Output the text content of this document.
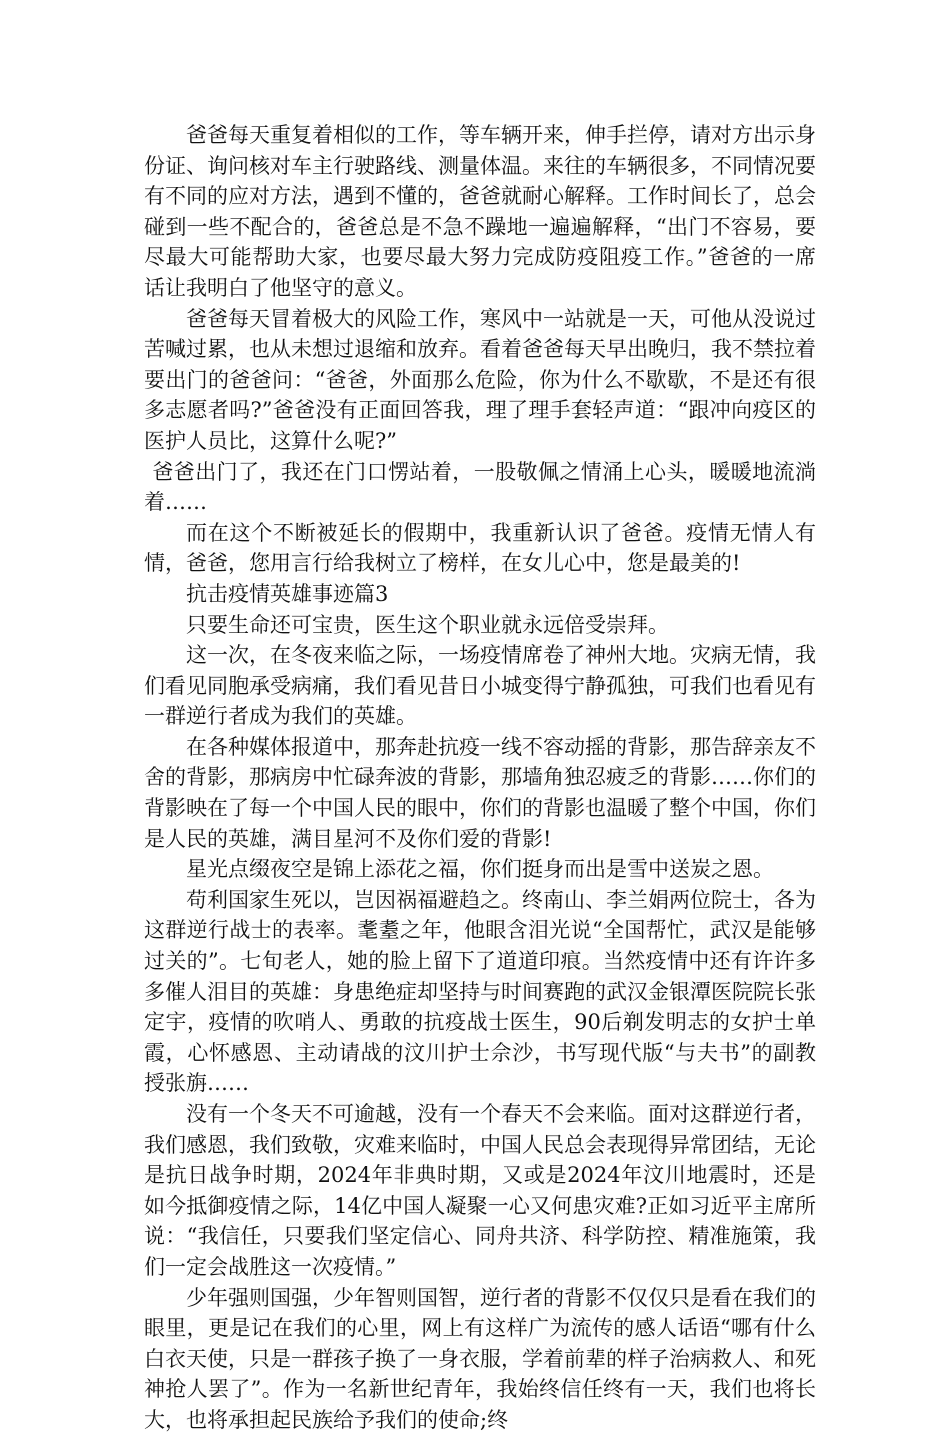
爸爸每天重复着相似的工作，等车辆开来，伸手拦停，请对方出示身份证、询问核对车主行驶路线、测量体温。来往的车辆很多，不同情况要有不同的应对方法，遇到不懂的，爸爸就耐心解释。工作时间长了，总会碰到一些不配合的，爸爸总是不急不躁地一遍遍解释，“出门不容易，要尽最大可能帮助大家，也要尽最大努力完成防疫阻疫工作。”爸爸的一席话让我明白了他坚守的意义。

爸爸每天冒着极大的风险工作，寒风中一站就是一天，可他从没说过苦喊过累，也从未想过退缩和放弃。看着爸爸每天早出晚归，我不禁拉着要出门的爸爸问：“爸爸，外面那么危险，你为什么不歇歇，不是还有很多志愿者吗?”爸爸没有正面回答我，理了理手套轻声道：“跟冲向疫区的医护人员比，这算什么呢?”

爸爸出门了，我还在门口愣站着，一股敬佩之情涌上心头，暖暖地流淌着……

而在这个不断被延长的假期中，我重新认识了爸爸。疫情无情人有情，爸爸，您用言行给我树立了榜样，在女儿心中，您是最美的!

抗击疫情英雄事迹篇3

只要生命还可宝贵，医生这个职业就永远倍受崇拜。

这一次，在冬夜来临之际，一场疫情席卷了神州大地。灾病无情，我们看见同胞承受病痛，我们看见昔日小城变得宁静孤独，可我们也看见有一群逆行者成为我们的英雄。

在各种媒体报道中，那奔赴抗疫一线不容动摇的背影，那告辞亲友不舍的背影，那病房中忙碌奔波的背影，那墙角独忍疲乏的背影……你们的背影映在了每一个中国人民的眼中，你们的背影也温暖了整个中国，你们是人民的英雄，满目星河不及你们爱的背影!

星光点缀夜空是锦上添花之福，你们挺身而出是雪中送炭之恩。

苟利国家生死以，岂因祸福避趋之。终南山、李兰娟两位院士，各为这群逆行战士的表率。耄耋之年，他眼含泪光说“全国帮忙，武汉是能够过关的”。七旬老人，她的脸上留下了道道印痕。当然疫情中还有许许多多催人泪目的英雄：身患绝症却坚持与时间赛跑的武汉金银潭医院院长张定宇，疫情的吹哨人、勇敢的抗疫战士医生，90后剃发明志的女护士单霞，心怀感恩、主动请战的汶川护士佘沙，书写现代版“与夫书”的副教授张旃……

没有一个冬天不可逾越，没有一个春天不会来临。面对这群逆行者，我们感恩，我们致敬，灾难来临时，中国人民总会表现得异常团结，无论是抗日战争时期，2024年非典时期，又或是2024年汶川地震时，还是如今抵御疫情之际，14亿中国人凝聚一心又何患灾难?正如习近平主席所说：“我信任，只要我们坚定信心、同舟共济、科学防控、精准施策，我们一定会战胜这一次疫情。”

少年强则国强，少年智则国智，逆行者的背影不仅仅只是看在我们的眼里，更是记在我们的心里，网上有这样广为流传的感人话语“哪有什么白衣天使，只是一群孩子换了一身衣服，学着前辈的样子治病救人、和死神抢人罢了”。作为一名新世纪青年，我始终信任终有一天，我们也将长大，也将承担起民族给予我们的使命;终
